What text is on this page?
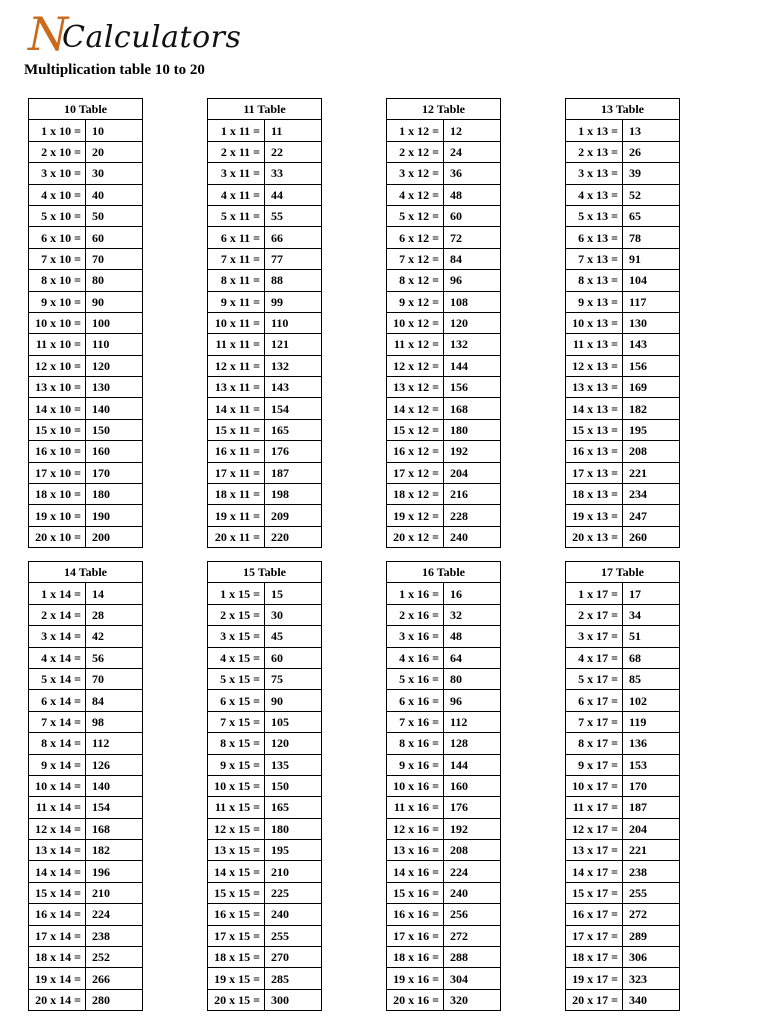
N
Calculators
Multiplication table 10 to 20
10 Table	
1 x 10 =	10
2 x 10 =	20
3 x 10 =	30
4 x 10 =	40
5 x 10 =	50
6 x 10 =	60
7 x 10 =	70
8 x 10 =	80
9 x 10 =	90
10 x 10 =	100
11 x 10 =	110
12 x 10 =	120
13 x 10 =	130
14 x 10 =	140
15 x 10 =	150
16 x 10 =	160
17 x 10 =	170
18 x 10 =	180
19 x 10 =	190
20 x 10 =	200
11 Table	
1 x 11 =	11
2 x 11 =	22
3 x 11 =	33
4 x 11 =	44
5 x 11 =	55
6 x 11 =	66
7 x 11 =	77
8 x 11 =	88
9 x 11 =	99
10 x 11 =	110
11 x 11 =	121
12 x 11 =	132
13 x 11 =	143
14 x 11 =	154
15 x 11 =	165
16 x 11 =	176
17 x 11 =	187
18 x 11 =	198
19 x 11 =	209
20 x 11 =	220
12 Table	
1 x 12 =	12
2 x 12 =	24
3 x 12 =	36
4 x 12 =	48
5 x 12 =	60
6 x 12 =	72
7 x 12 =	84
8 x 12 =	96
9 x 12 =	108
10 x 12 =	120
11 x 12 =	132
12 x 12 =	144
13 x 12 =	156
14 x 12 =	168
15 x 12 =	180
16 x 12 =	192
17 x 12 =	204
18 x 12 =	216
19 x 12 =	228
20 x 12 =	240
13 Table	
1 x 13 =	13
2 x 13 =	26
3 x 13 =	39
4 x 13 =	52
5 x 13 =	65
6 x 13 =	78
7 x 13 =	91
8 x 13 =	104
9 x 13 =	117
10 x 13 =	130
11 x 13 =	143
12 x 13 =	156
13 x 13 =	169
14 x 13 =	182
15 x 13 =	195
16 x 13 =	208
17 x 13 =	221
18 x 13 =	234
19 x 13 =	247
20 x 13 =	260
14 Table	
1 x 14 =	14
2 x 14 =	28
3 x 14 =	42
4 x 14 =	56
5 x 14 =	70
6 x 14 =	84
7 x 14 =	98
8 x 14 =	112
9 x 14 =	126
10 x 14 =	140
11 x 14 =	154
12 x 14 =	168
13 x 14 =	182
14 x 14 =	196
15 x 14 =	210
16 x 14 =	224
17 x 14 =	238
18 x 14 =	252
19 x 14 =	266
20 x 14 =	280
15 Table	
1 x 15 =	15
2 x 15 =	30
3 x 15 =	45
4 x 15 =	60
5 x 15 =	75
6 x 15 =	90
7 x 15 =	105
8 x 15 =	120
9 x 15 =	135
10 x 15 =	150
11 x 15 =	165
12 x 15 =	180
13 x 15 =	195
14 x 15 =	210
15 x 15 =	225
16 x 15 =	240
17 x 15 =	255
18 x 15 =	270
19 x 15 =	285
20 x 15 =	300
16 Table	
1 x 16 =	16
2 x 16 =	32
3 x 16 =	48
4 x 16 =	64
5 x 16 =	80
6 x 16 =	96
7 x 16 =	112
8 x 16 =	128
9 x 16 =	144
10 x 16 =	160
11 x 16 =	176
12 x 16 =	192
13 x 16 =	208
14 x 16 =	224
15 x 16 =	240
16 x 16 =	256
17 x 16 =	272
18 x 16 =	288
19 x 16 =	304
20 x 16 =	320
17 Table	
1 x 17 =	17
2 x 17 =	34
3 x 17 =	51
4 x 17 =	68
5 x 17 =	85
6 x 17 =	102
7 x 17 =	119
8 x 17 =	136
9 x 17 =	153
10 x 17 =	170
11 x 17 =	187
12 x 17 =	204
13 x 17 =	221
14 x 17 =	238
15 x 17 =	255
16 x 17 =	272
17 x 17 =	289
18 x 17 =	306
19 x 17 =	323
20 x 17 =	340
